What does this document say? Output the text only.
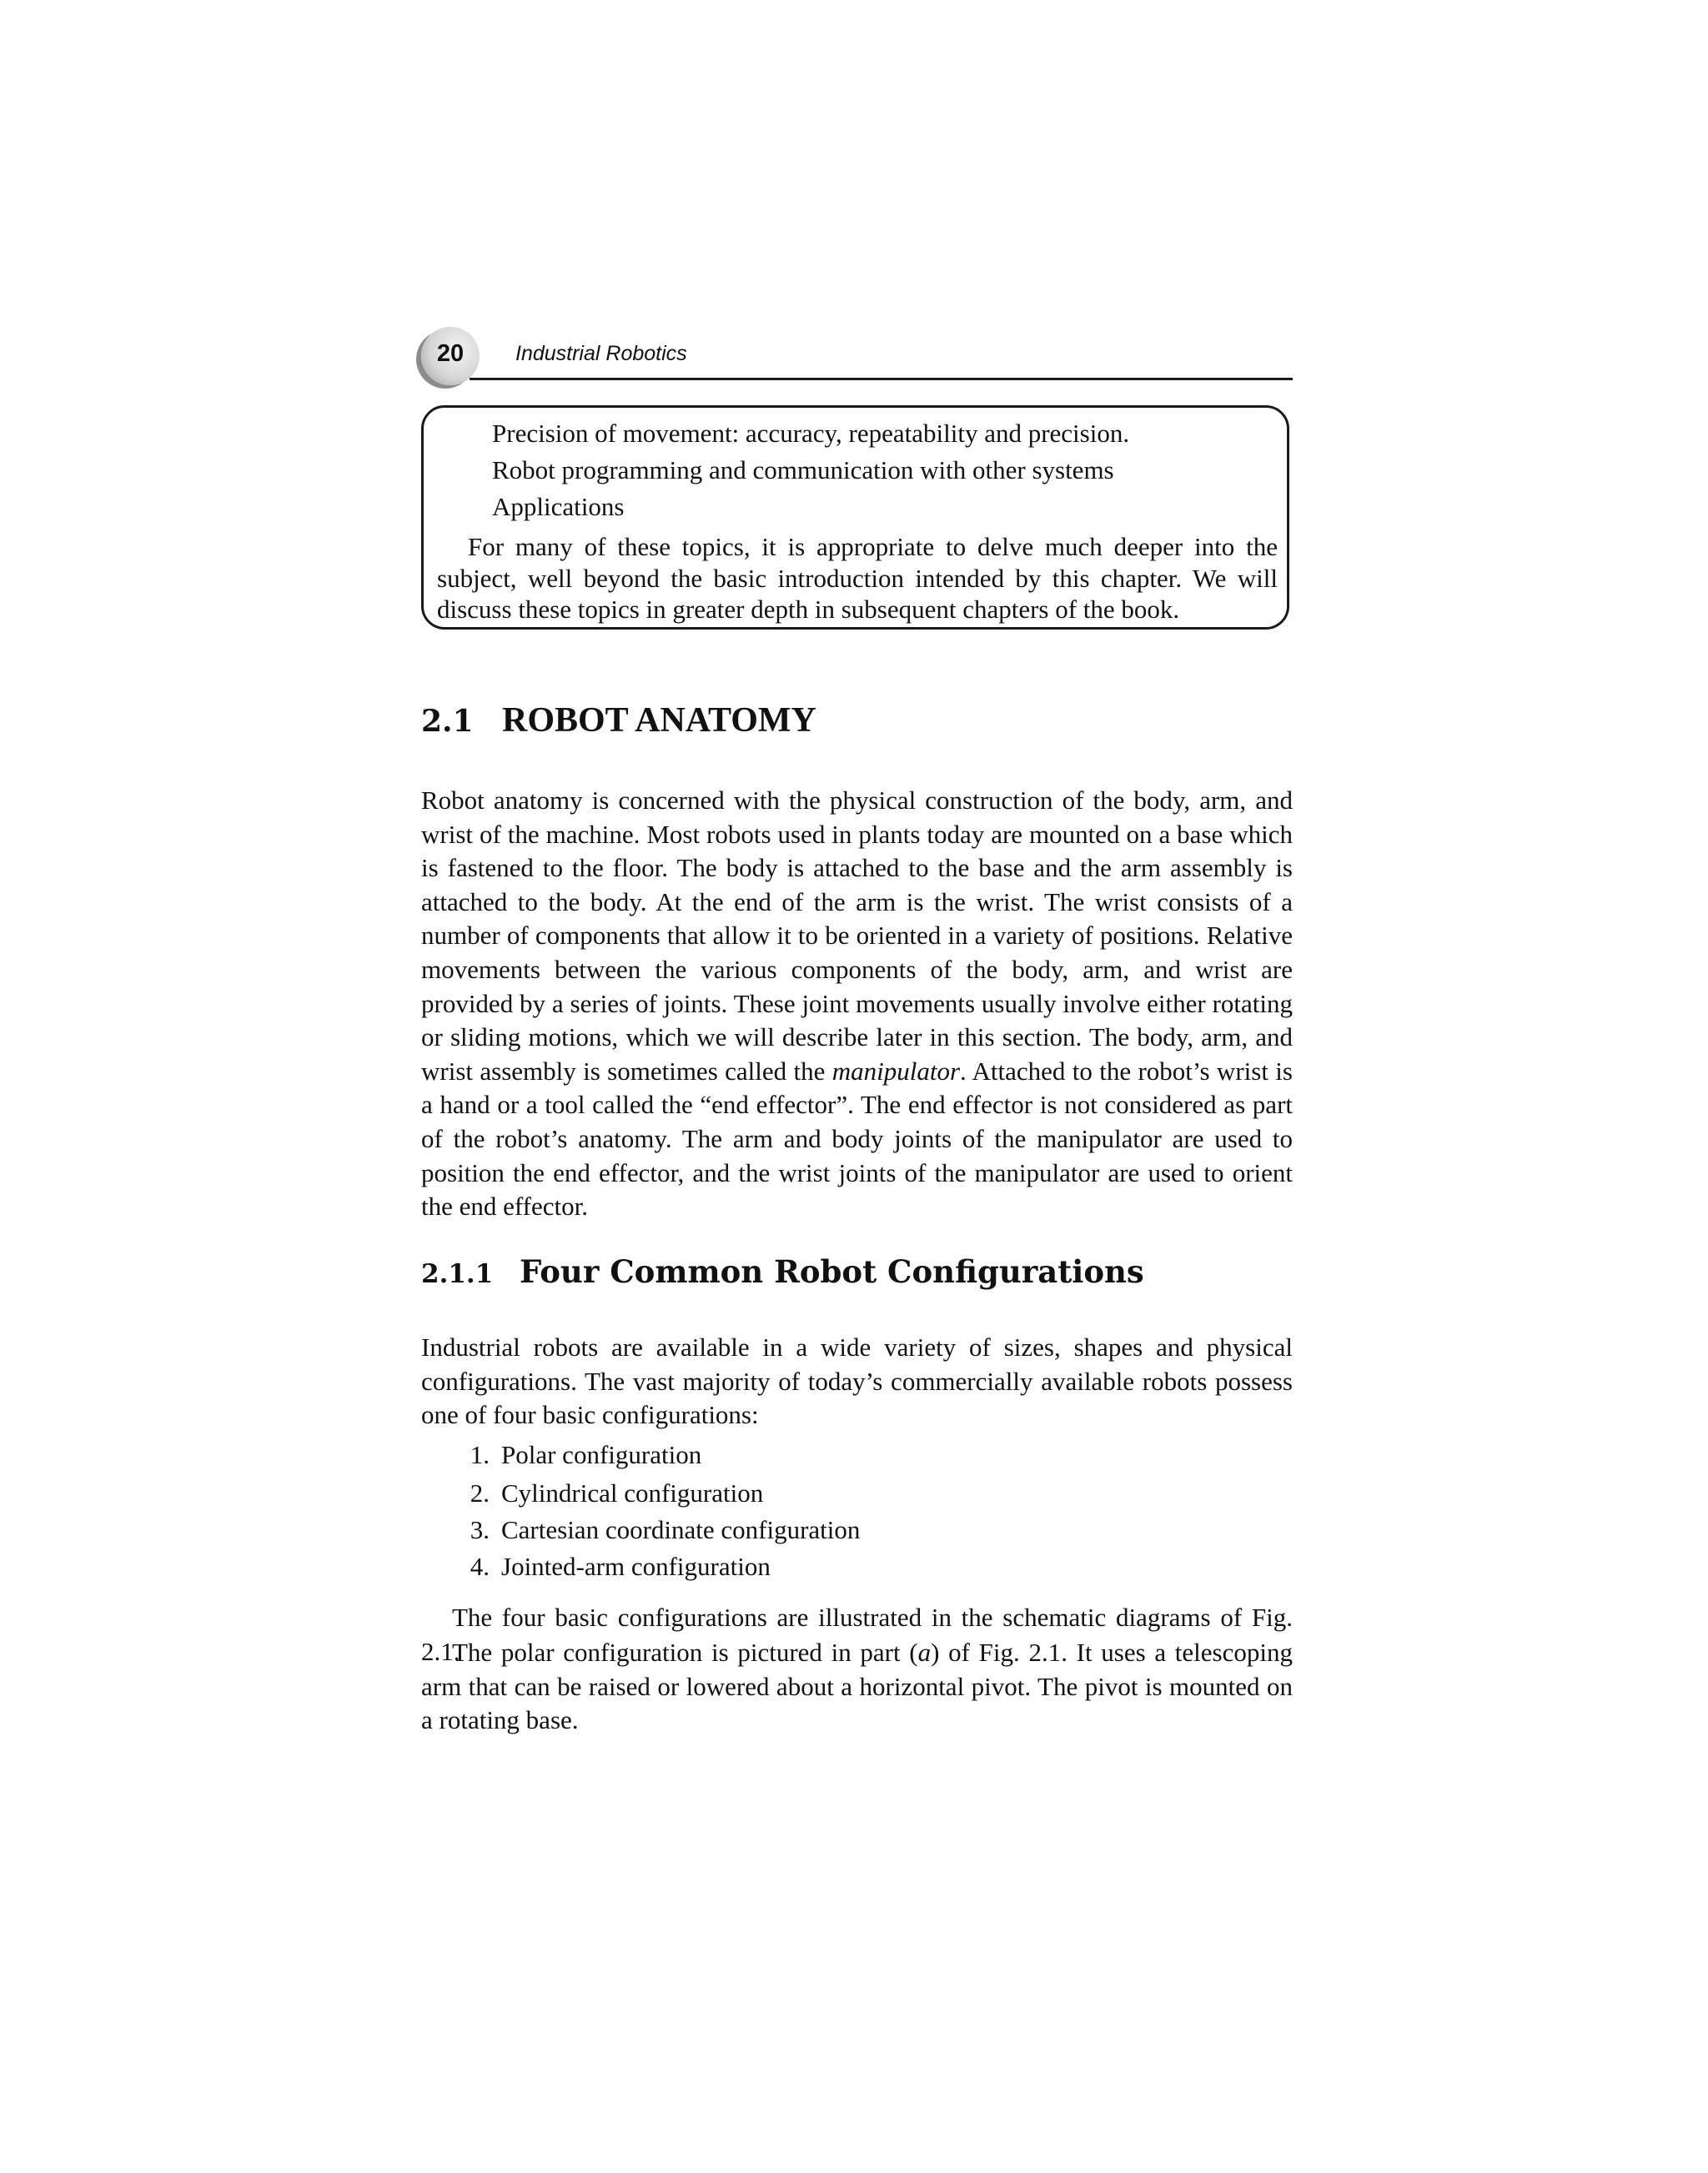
20	Industrial Robotics
Precision of movement: accuracy, repeatability and precision.
Robot programming and communication with other systems
Applications
For many of these topics, it is appropriate to delve much deeper into the subject, well beyond the basic introduction intended by this chapter. We will discuss these topics in greater depth in subsequent chapters of the book.
2.1 ROBOT ANATOMY
Robot anatomy is concerned with the physical construction of the body, arm, and wrist of the machine. Most robots used in plants today are mounted on a base which is fastened to the floor. The body is attached to the base and the arm assembly is attached to the body. At the end of the arm is the wrist. The wrist consists of a number of components that allow it to be oriented in a variety of positions. Relative movements between the various components of the body, arm, and wrist are provided by a series of joints. These joint movements usually involve either rotating or sliding motions, which we will describe later in this section. The body, arm, and wrist assembly is sometimes called the manipulator. Attached to the robot’s wrist is a hand or a tool called the “end effector”. The end effector is not considered as part of the robot’s anatomy. The arm and body joints of the manipulator are used to position the end effector, and the wrist joints of the manipulator are used to orient the end effector.
2.1.1 Four Common Robot Configurations
Industrial robots are available in a wide variety of sizes, shapes and physical configurations. The vast majority of today’s commercially available robots possess one of four basic configurations:
1. Polar configuration
2. Cylindrical configuration
3. Cartesian coordinate configuration
4. Jointed-arm configuration
The four basic configurations are illustrated in the schematic diagrams of Fig. 2.1.
The polar configuration is pictured in part (a) of Fig. 2.1. It uses a telescoping arm that can be raised or lowered about a horizontal pivot. The pivot is mounted on a rotating base.
